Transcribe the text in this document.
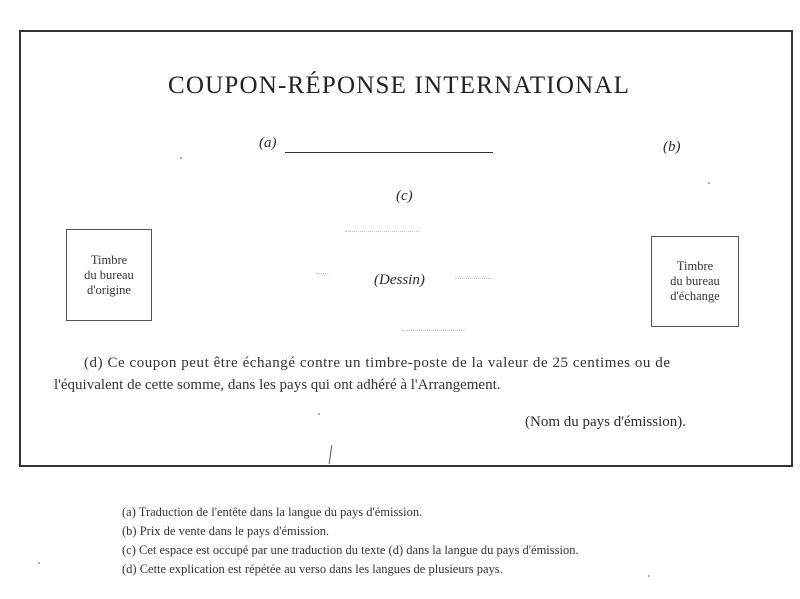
COUPON-RÉPONSE INTERNATIONAL
(a)	(b)
(c)
Timbre
du bureau
d'origine
Timbre
du bureau
d'échange
(Dessin)
(d) Ce coupon peut être échangé contre un timbre-poste de la valeur de 25 centimes ou de
l'équivalent de cette somme, dans les pays qui ont adhéré à l'Arrangement.
(Nom du pays d'émission).
(a) Traduction de l'entête dans la langue du pays d'émission.
(b) Prix de vente dans le pays d'émission.
(c) Cet espace est occupé par une traduction du texte (d) dans la langue du pays d'émission.
(d) Cette explication est répétée au verso dans les langues de plusieurs pays.
